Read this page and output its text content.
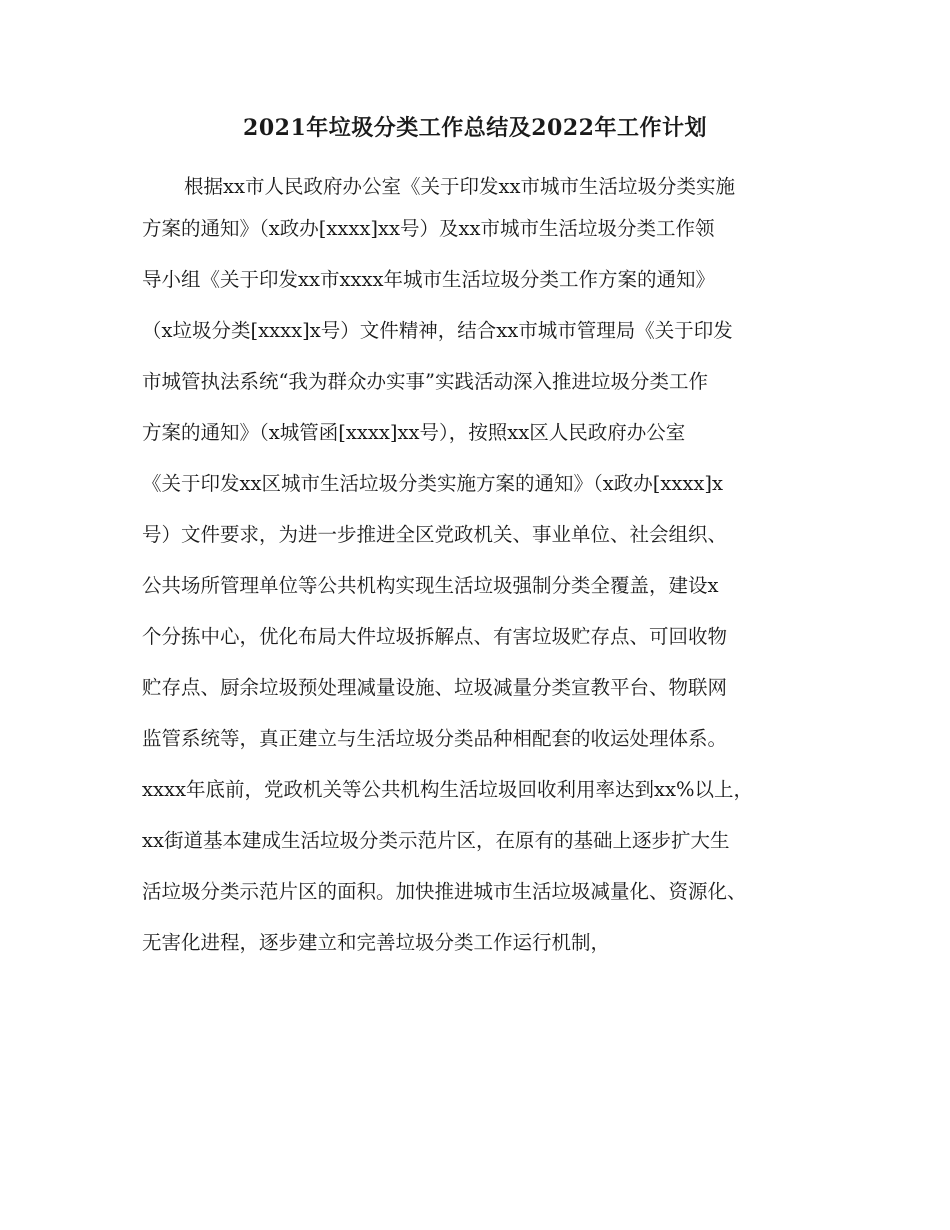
2021年垃圾分类工作总结及2022年工作计划
根据xx市人民政府办公室《关于印发xx市城市生活垃圾分类实施
方案的通知》（x政办[xxxx]xx号）及xx市城市生活垃圾分类工作领
导小组《关于印发xx市xxxx年城市生活垃圾分类工作方案的通知》
（x垃圾分类[xxxx]x号）文件精神，结合xx市城市管理局《关于印发
市城管执法系统“我为群众办实事”实践活动深入推进垃圾分类工作
方案的通知》（x城管函[xxxx]xx号），按照xx区人民政府办公室
《关于印发xx区城市生活垃圾分类实施方案的通知》（x政办[xxxx]x
号）文件要求，为进一步推进全区党政机关、事业单位、社会组织、
公共场所管理单位等公共机构实现生活垃圾强制分类全覆盖，建设x
个分拣中心，优化布局大件垃圾拆解点、有害垃圾贮存点、可回收物
贮存点、厨余垃圾预处理减量设施、垃圾减量分类宣教平台、物联网
监管系统等，真正建立与生活垃圾分类品种相配套的收运处理体系。
xxxx年底前，党政机关等公共机构生活垃圾回收利用率达到xx%以上，
xx街道基本建成生活垃圾分类示范片区，在原有的基础上逐步扩大生
活垃圾分类示范片区的面积。加快推进城市生活垃圾减量化、资源化、
无害化进程，逐步建立和完善垃圾分类工作运行机制，
